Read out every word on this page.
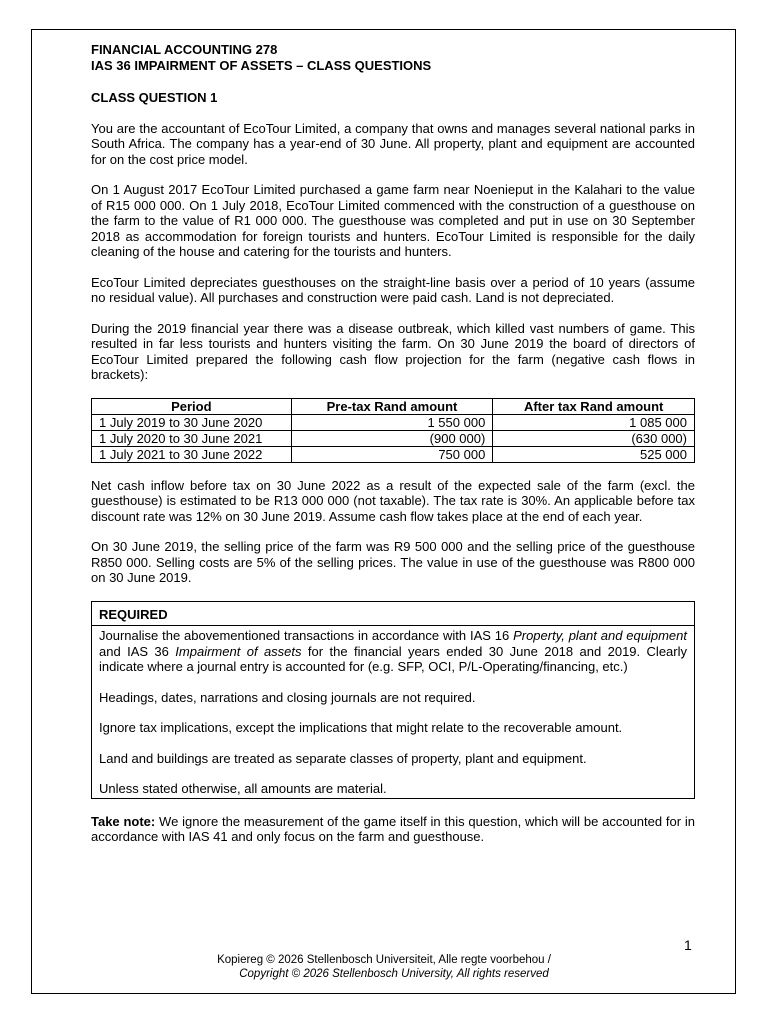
FINANCIAL ACCOUNTING 278

IAS 36 IMPAIRMENT OF ASSETS – CLASS QUESTIONS

CLASS QUESTION 1

You are the accountant of EcoTour Limited, a company that owns and manages several national parks in South Africa. The company has a year-end of 30 June. All property, plant and equipment are accounted for on the cost price model.

On 1 August 2017 EcoTour Limited purchased a game farm near Noenieput in the Kalahari to the value of R15 000 000. On 1 July 2018, EcoTour Limited commenced with the construction of a guesthouse on the farm to the value of R1 000 000. The guesthouse was completed and put in use on 30 September 2018 as accommodation for foreign tourists and hunters. EcoTour Limited is responsible for the daily cleaning of the house and catering for the tourists and hunters.

EcoTour Limited depreciates guesthouses on the straight-line basis over a period of 10 years (assume no residual value). All purchases and construction were paid cash. Land is not depreciated.

During the 2019 financial year there was a disease outbreak, which killed vast numbers of game. This resulted in far less tourists and hunters visiting the farm. On 30 June 2019 the board of directors of EcoTour Limited prepared the following cash flow projection for the farm (negative cash flows in brackets):

Period	Pre-tax Rand amount	After tax Rand amount
1 July 2019 to 30 June 2020	1 550 000	1 085 000
1 July 2020 to 30 June 2021	(900 000)	(630 000)
1 July 2021 to 30 June 2022	750 000	525 000

Net cash inflow before tax on 30 June 2022 as a result of the expected sale of the farm (excl. the guesthouse) is estimated to be R13 000 000 (not taxable). The tax rate is 30%. An applicable before tax discount rate was 12% on 30 June 2019. Assume cash flow takes place at the end of each year.

On 30 June 2019, the selling price of the farm was R9 500 000 and the selling price of the guesthouse R850 000. Selling costs are 5% of the selling prices. The value in use of the guesthouse was R800 000 on 30 June 2019.

REQUIRED

Journalise the abovementioned transactions in accordance with IAS 16 Property, plant and equipment and IAS 36 Impairment of assets for the financial years ended 30 June 2018 and 2019. Clearly indicate where a journal entry is accounted for (e.g. SFP, OCI, P/L-Operating/financing, etc.)

Headings, dates, narrations and closing journals are not required.

Ignore tax implications, except the implications that might relate to the recoverable amount.

Land and buildings are treated as separate classes of property, plant and equipment.

Unless stated otherwise, all amounts are material.

Take note: We ignore the measurement of the game itself in this question, which will be accounted for in accordance with IAS 41 and only focus on the farm and guesthouse.

1
Kopiereg © 2026 Stellenbosch Universiteit, Alle regte voorbehou /
Copyright © 2026 Stellenbosch University, All rights reserved
